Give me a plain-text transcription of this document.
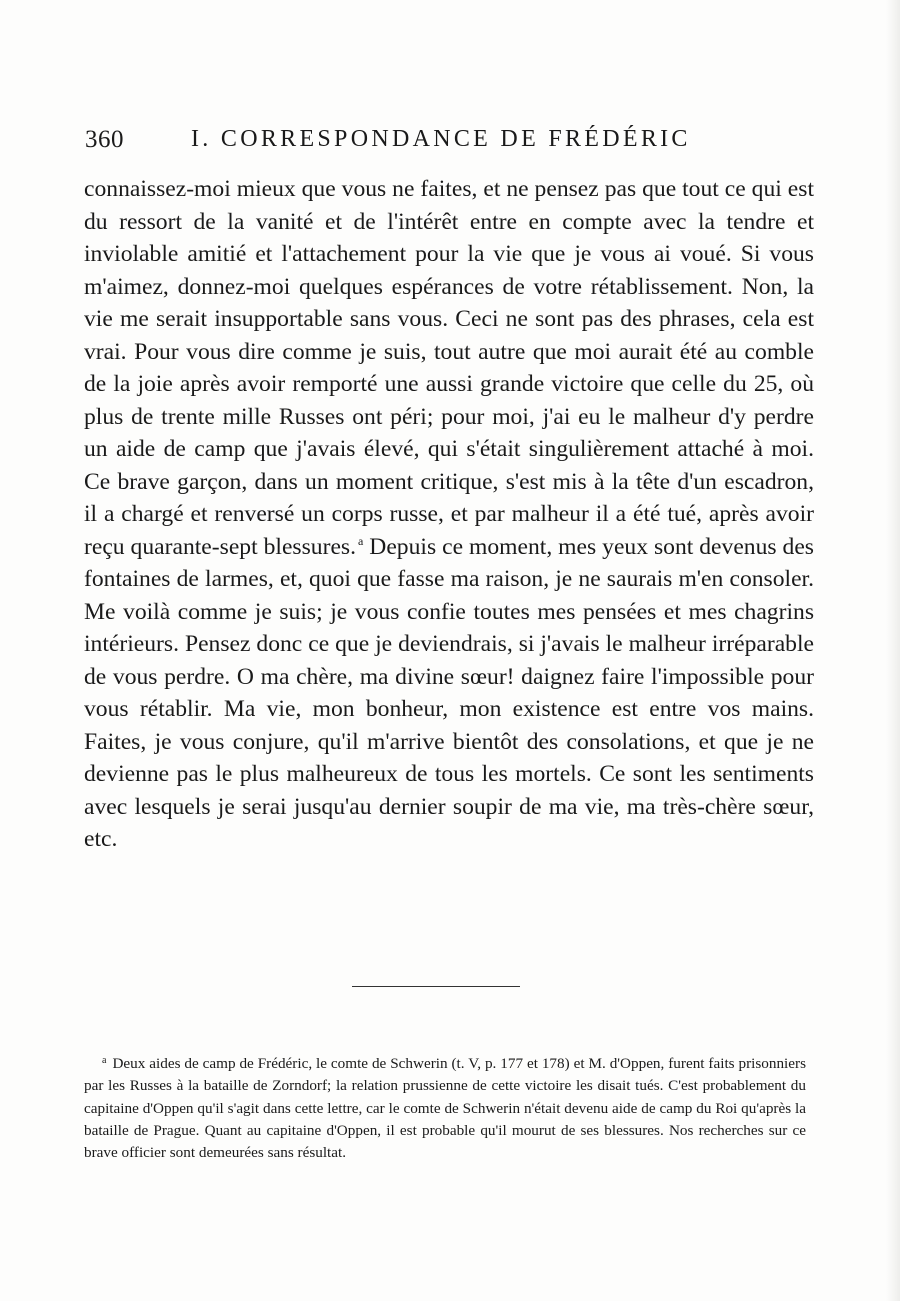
360	I. CORRESPONDANCE DE FRÉDÉRIC

connaissez-moi mieux que vous ne faites, et ne pensez pas que tout ce qui est du ressort de la vanité et de l'intérêt entre en compte avec la tendre et inviolable amitié et l'attachement pour la vie que je vous ai voué. Si vous m'aimez, donnez-moi quelques espérances de votre rétablissement. Non, la vie me serait insupportable sans vous. Ceci ne sont pas des phrases, cela est vrai. Pour vous dire comme je suis, tout autre que moi aurait été au comble de la joie après avoir remporté une aussi grande victoire que celle du 25, où plus de trente mille Russes ont péri; pour moi, j'ai eu le malheur d'y perdre un aide de camp que j'avais élevé, qui s'était singulièrement attaché à moi. Ce brave garçon, dans un moment critique, s'est mis à la tête d'un escadron, il a chargé et renversé un corps russe, et par malheur il a été tué, après avoir reçu quarante-sept blessures. $^a$ Depuis ce moment, mes yeux sont devenus des fontaines de larmes, et, quoi que fasse ma raison, je ne saurais m'en consoler. Me voilà comme je suis; je vous confie toutes mes pensées et mes chagrins intérieurs. Pensez donc ce que je deviendrais, si j'avais le malheur irréparable de vous perdre. O ma chère, ma divine sœur! daignez faire l'impossible pour vous rétablir. Ma vie, mon bonheur, mon existence est entre vos mains. Faites, je vous conjure, qu'il m'arrive bientôt des consolations, et que je ne devienne pas le plus malheureux de tous les mortels. Ce sont les sentiments avec lesquels je serai jusqu'au dernier soupir de ma vie, ma très-chère sœur, etc.

$^a$ Deux aides de camp de Frédéric, le comte de Schwerin (t. V, p. 177 et 178) et M. d'Oppen, furent faits prisonniers par les Russes à la bataille de Zorndorf; la relation prussienne de cette victoire les disait tués. C'est probablement du capitaine d'Oppen qu'il s'agit dans cette lettre, car le comte de Schwerin n'était devenu aide de camp du Roi qu'après la bataille de Prague. Quant au capitaine d'Oppen, il est probable qu'il mourut de ses blessures. Nos recherches sur ce brave officier sont demeurées sans résultat.
